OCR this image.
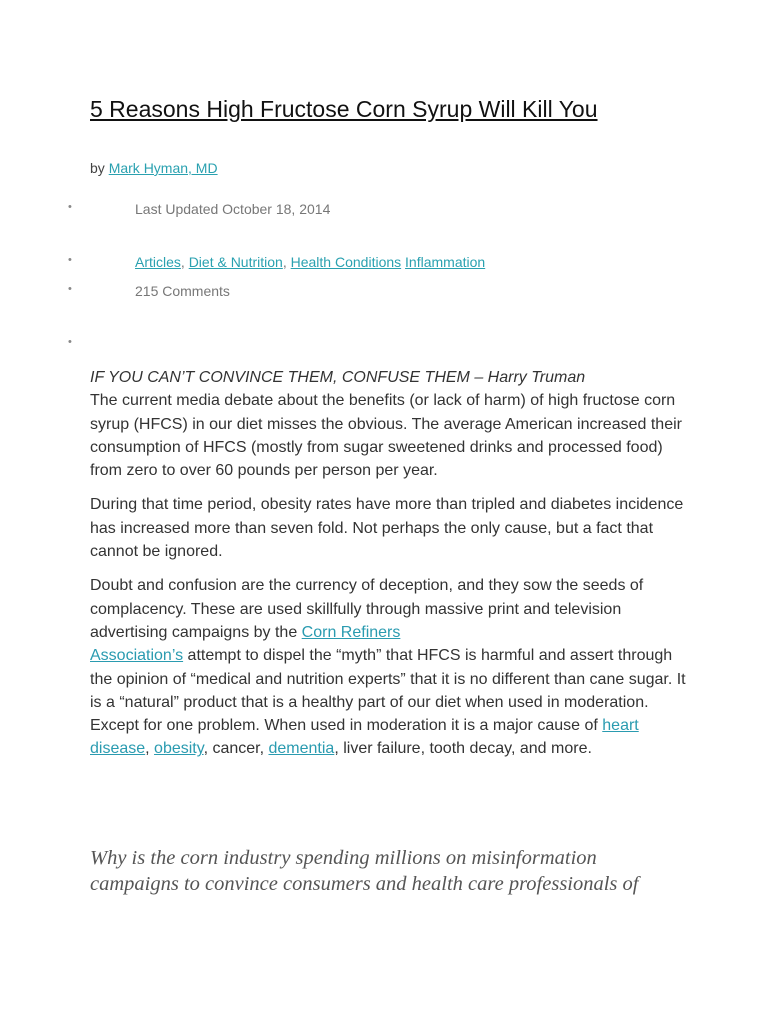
5 Reasons High Fructose Corn Syrup Will Kill You
by Mark Hyman, MD
•	Last Updated October 18, 2014
•	Articles, Diet & Nutrition, Health Conditions Inflammation
•	215 Comments
•

IF YOU CAN’T CONVINCE THEM, CONFUSE THEM – Harry Truman

The current media debate about the benefits (or lack of harm) of high fructose corn syrup (HFCS) in our diet misses the obvious. The average American increased their consumption of HFCS (mostly from sugar sweetened drinks and processed food) from zero to over 60 pounds per person per year.

During that time period, obesity rates have more than tripled and diabetes incidence has increased more than seven fold. Not perhaps the only cause, but a fact that cannot be ignored.

Doubt and confusion are the currency of deception, and they sow the seeds of complacency. These are used skillfully through massive print and television advertising campaigns by the Corn Refiners
Association’s attempt to dispel the “myth” that HFCS is harmful and assert through the opinion of “medical and nutrition experts” that it is no different than cane sugar. It is a “natural” product that is a healthy part of our diet when used in moderation.

Except for one problem. When used in moderation it is a major cause of heart disease, obesity, cancer, dementia, liver failure, tooth decay, and more.

Why is the corn industry spending millions on misinformation campaigns to convince consumers and health care professionals of
